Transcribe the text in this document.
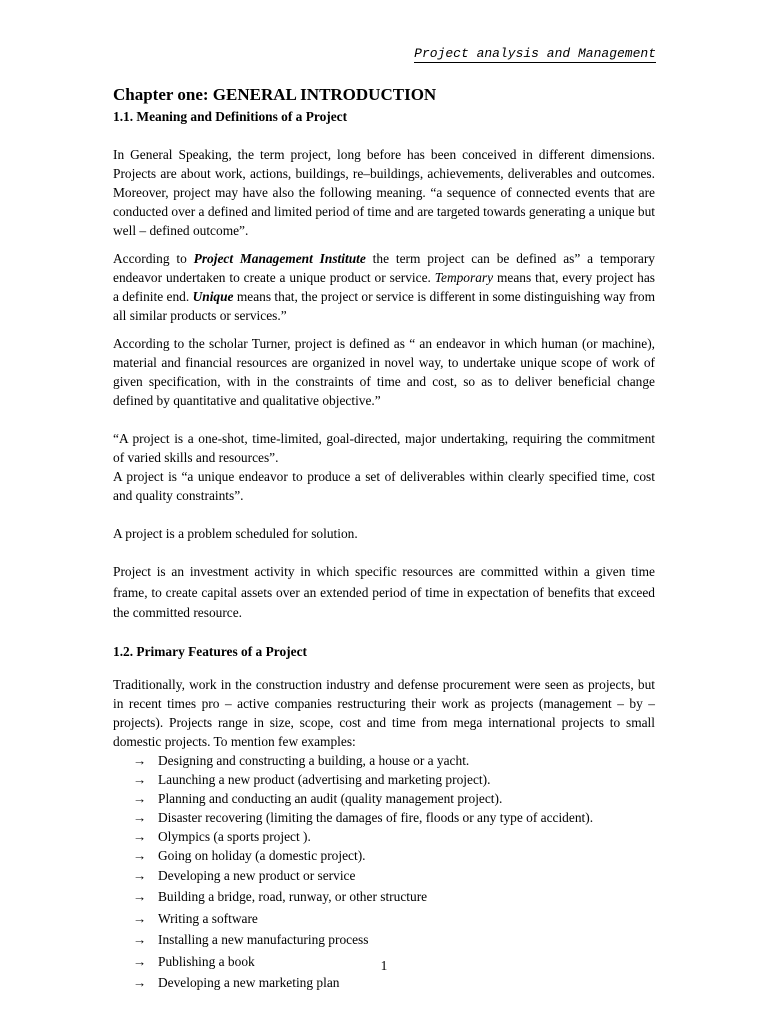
Project analysis and Management
Chapter one: GENERAL INTRODUCTION
1.1. Meaning and Definitions of a Project

In General Speaking, the term project, long before has been conceived in different dimensions. Projects are about work, actions, buildings, re–buildings, achievements, deliverables and outcomes. Moreover, project may have also the following meaning. “a sequence of connected events that are conducted over a defined and limited period of time and are targeted towards generating a unique but well – defined outcome”.

According to Project Management Institute the term project can be defined as” a temporary endeavor undertaken to create a unique product or service. Temporary means that, every project has a definite end. Unique means that, the project or service is different in some distinguishing way from all similar products or services.”

According to the scholar Turner, project is defined as “ an endeavor in which human (or machine), material and financial resources are organized in novel way, to undertake unique scope of work of given specification, with in the constraints of time and cost, so as to deliver beneficial change defined by quantitative and qualitative objective.”

“A project is a one-shot, time-limited, goal-directed, major undertaking, requiring the commitment of varied skills and resources”.

A project is “a unique endeavor to produce a set of deliverables within clearly specified time, cost and quality constraints”.

A project is a problem scheduled for solution.

Project is an investment activity in which specific resources are committed within a given time frame, to create capital assets over an extended period of time in expectation of benefits that exceed the committed resource.

1.2. Primary Features of a Project

Traditionally, work in the construction industry and defense procurement were seen as projects, but in recent times pro – active companies restructuring their work as projects (management – by – projects). Projects range in size, scope, cost and time from mega international projects to small domestic projects. To mention few examples:

→ Designing and constructing a building, a house or a yacht.
→ Launching a new product (advertising and marketing project).
→ Planning and conducting an audit (quality management project).
→ Disaster recovering (limiting the damages of fire, floods or any type of accident).
→ Olympics (a sports project ).
→ Going on holiday (a domestic project).
→ Developing a new product or service
→ Building a bridge, road, runway, or other structure
→ Writing a software
→ Installing a new manufacturing process
→ Publishing a book
→ Developing a new marketing plan
1
